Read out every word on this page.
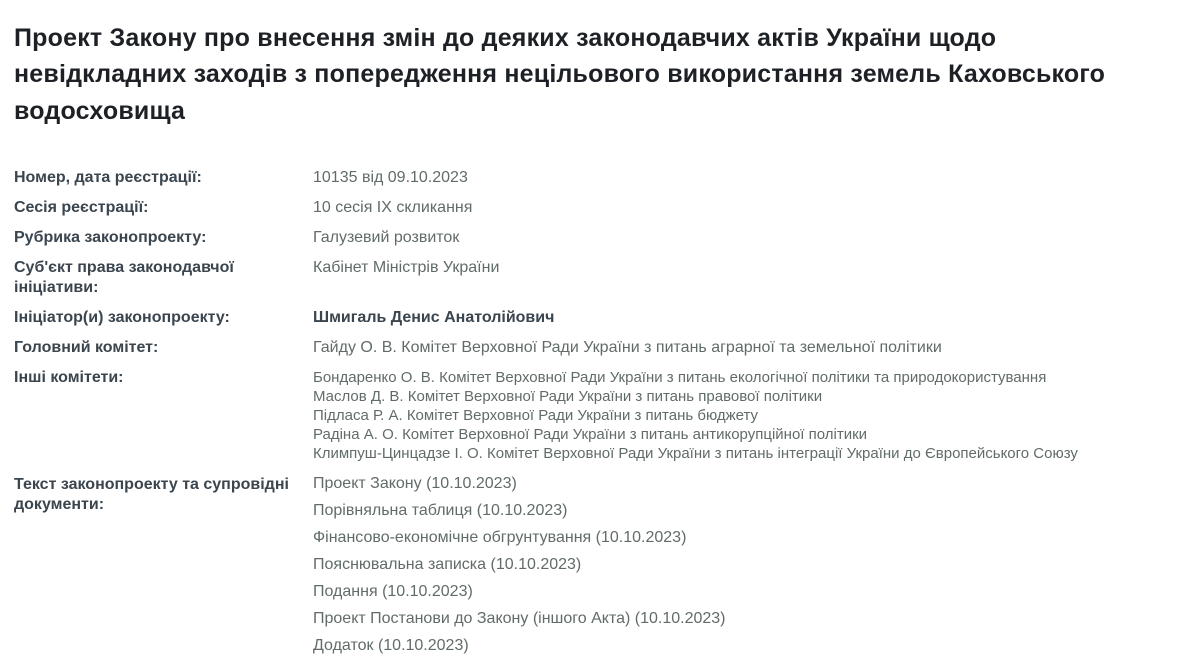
Проект Закону про внесення змін до деяких законодавчих актів України щодо невідкладних заходів з попередження нецільового використання земель Каховського водосховища
Номер, дата реєстрації:	10135 від 09.10.2023
Сесія реєстрації:	10 сесія IX скликання
Рубрика законопроекту:	Галузевий розвиток
Суб'єкт права законодавчої ініціативи:
Кабінет Міністрів України
Ініціатор(и) законопроекту:	Шмигаль Денис Анатолійович
Головний комітет:	Гайду О. В. Комітет Верховної Ради України з питань аграрної та земельної політики
Інші комітети:	Бондаренко О. В. Комітет Верховної Ради України з питань екологічної політики та природокористування
Маслов Д. В. Комітет Верховної Ради України з питань правової політики
Підласа Р. А. Комітет Верховної Ради України з питань бюджету
Радіна А. О. Комітет Верховної Ради України з питань антикорупційної політики
Климпуш-Цинцадзе І. О. Комітет Верховної Ради України з питань інтеграції України до Європейського Союзу
Текст законопроекту та супровідні документи:
Проект Закону (10.10.2023)
Порівняльна таблиця (10.10.2023)
Фінансово-економічне обгрунтування (10.10.2023)
Пояснювальна записка (10.10.2023)
Подання (10.10.2023)
Проект Постанови до Закону (іншого Акта) (10.10.2023)
Додаток (10.10.2023)
